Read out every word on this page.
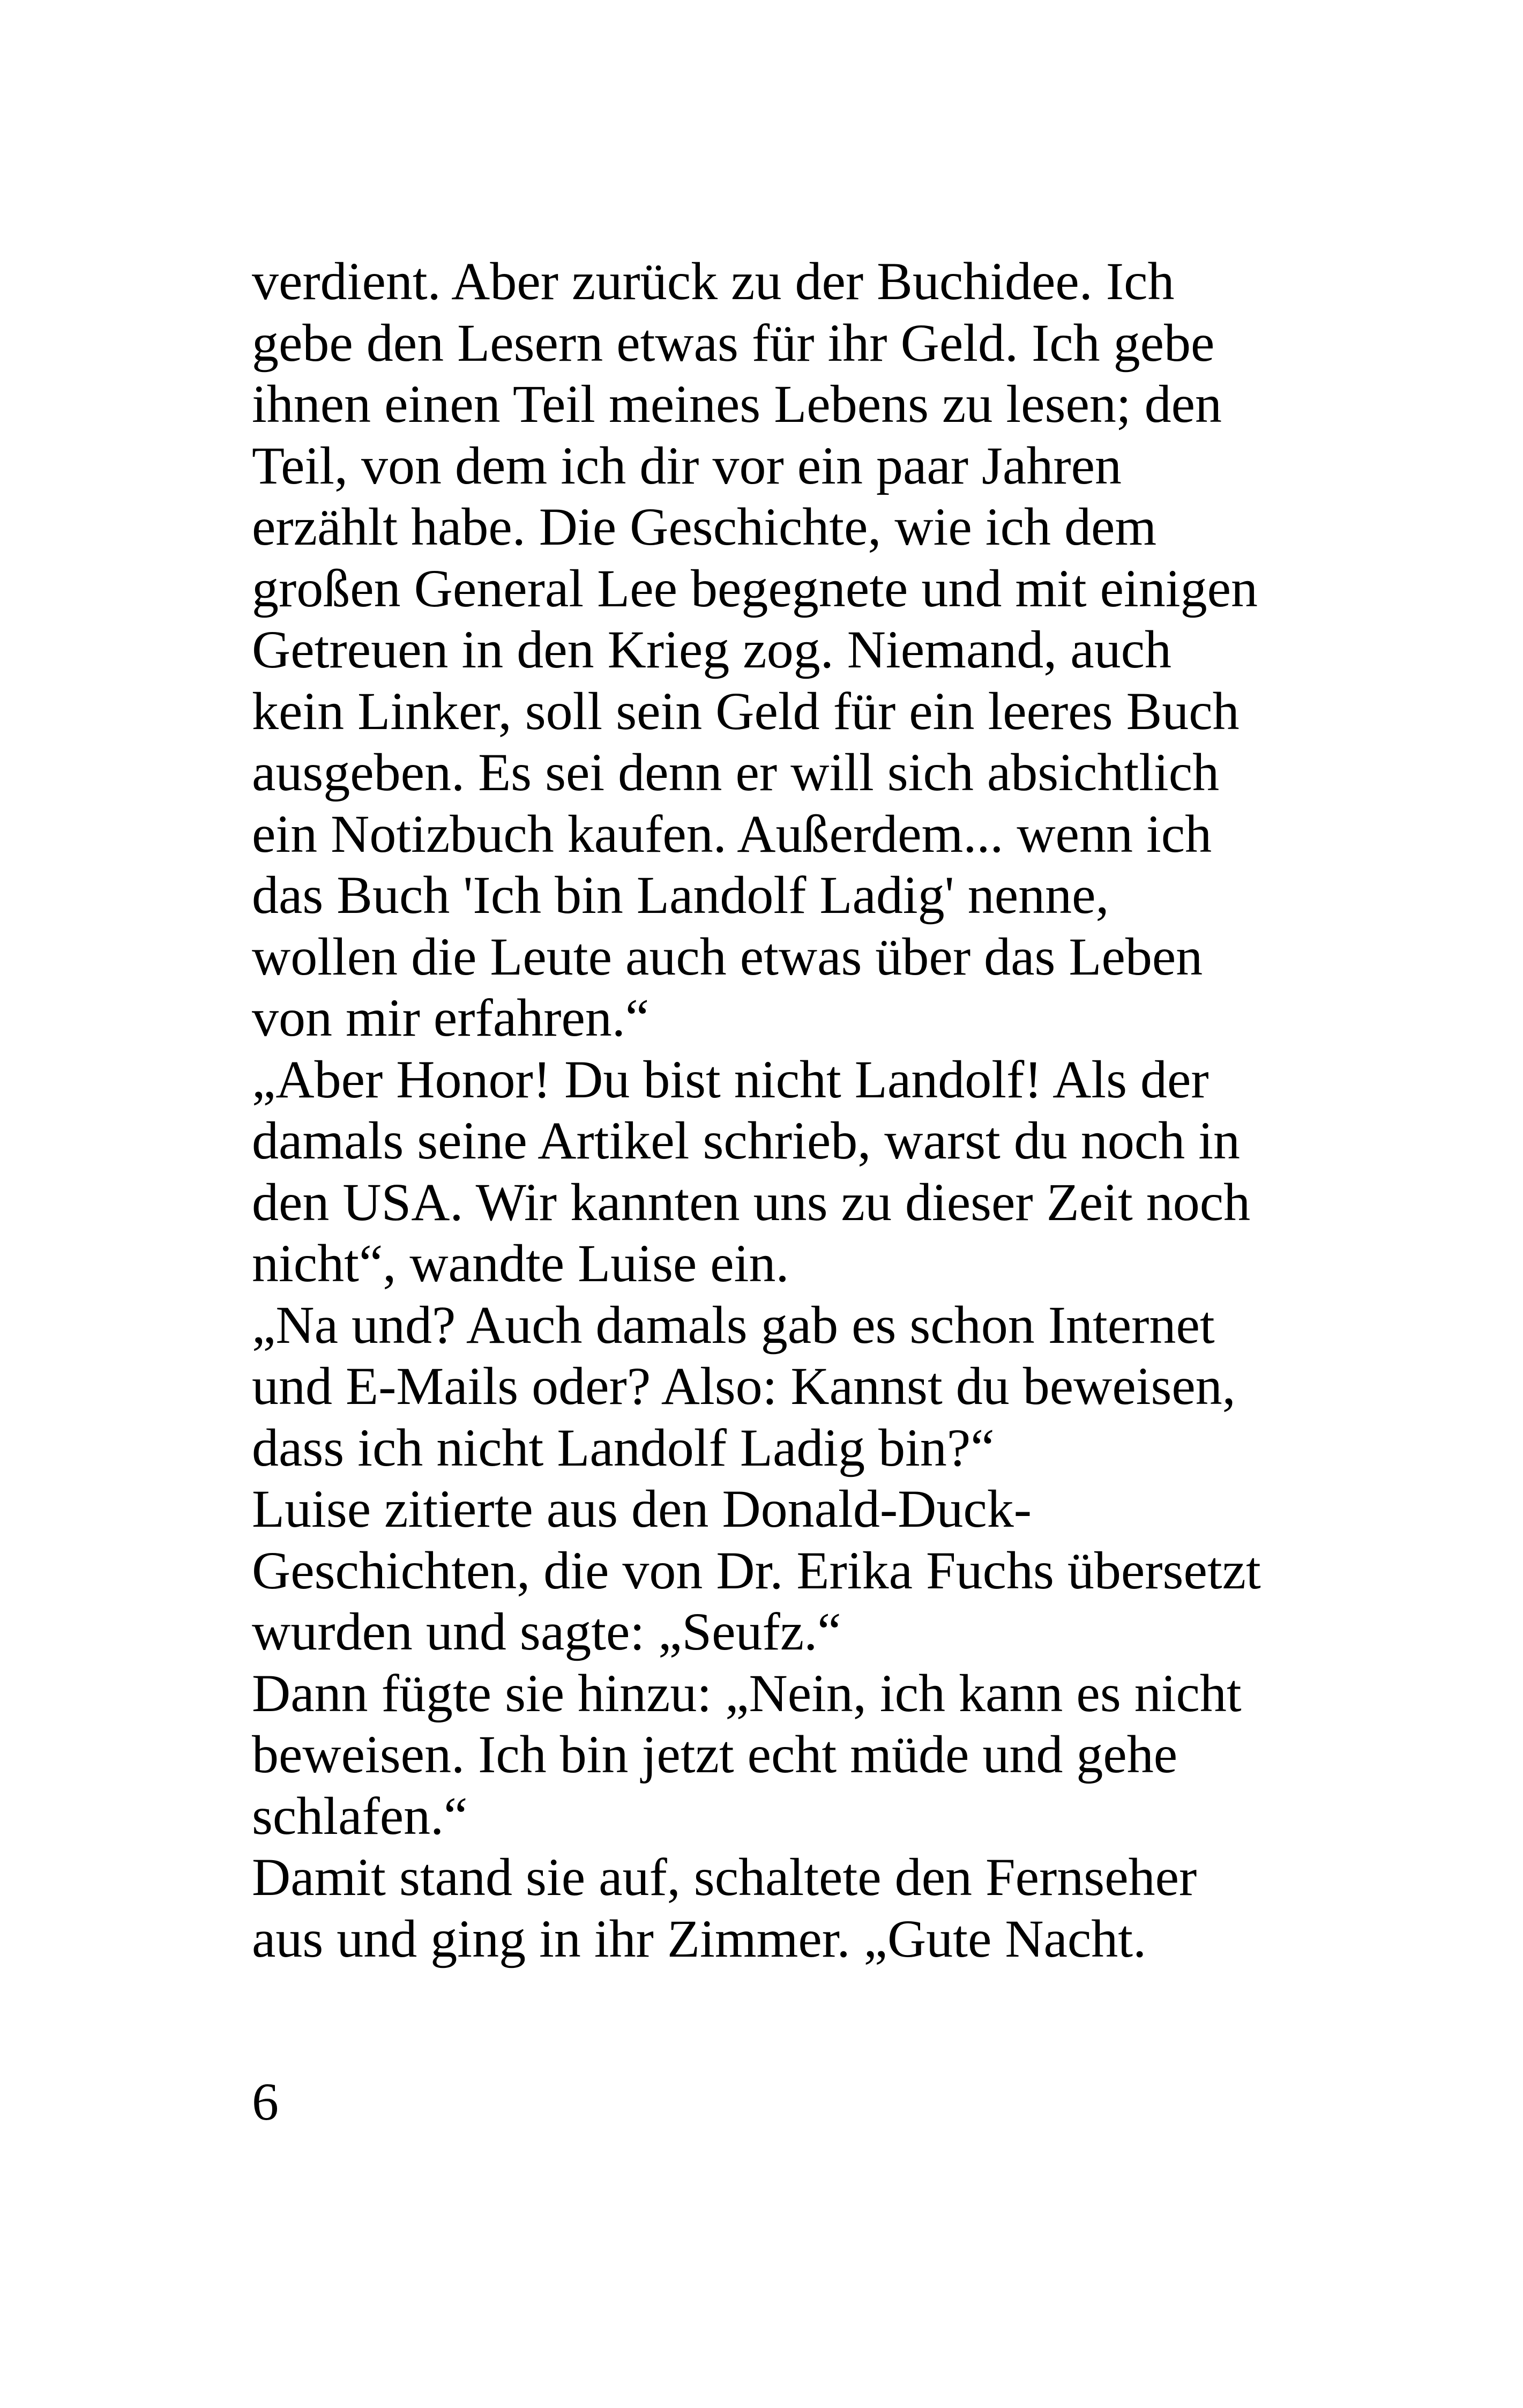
verdient. Aber zurück zu der Buchidee. Ich
gebe den Lesern etwas für ihr Geld. Ich gebe
ihnen einen Teil meines Lebens zu lesen; den
Teil, von dem ich dir vor ein paar Jahren
erzählt habe. Die Geschichte, wie ich dem
großen General Lee begegnete und mit einigen
Getreuen in den Krieg zog. Niemand, auch
kein Linker, soll sein Geld für ein leeres Buch
ausgeben. Es sei denn er will sich absichtlich
ein Notizbuch kaufen. Außerdem... wenn ich
das Buch 'Ich bin Landolf Ladig' nenne,
wollen die Leute auch etwas über das Leben
von mir erfahren.“
„Aber Honor! Du bist nicht Landolf! Als der
damals seine Artikel schrieb, warst du noch in
den USA. Wir kannten uns zu dieser Zeit noch
nicht“, wandte Luise ein.
„Na und? Auch damals gab es schon Internet
und E-Mails oder? Also: Kannst du beweisen,
dass ich nicht Landolf Ladig bin?“
Luise zitierte aus den Donald-Duck-
Geschichten, die von Dr. Erika Fuchs übersetzt
wurden und sagte: „Seufz.“
Dann fügte sie hinzu: „Nein, ich kann es nicht
beweisen. Ich bin jetzt echt müde und gehe
schlafen.“
Damit stand sie auf, schaltete den Fernseher
aus und ging in ihr Zimmer. „Gute Nacht.
6
